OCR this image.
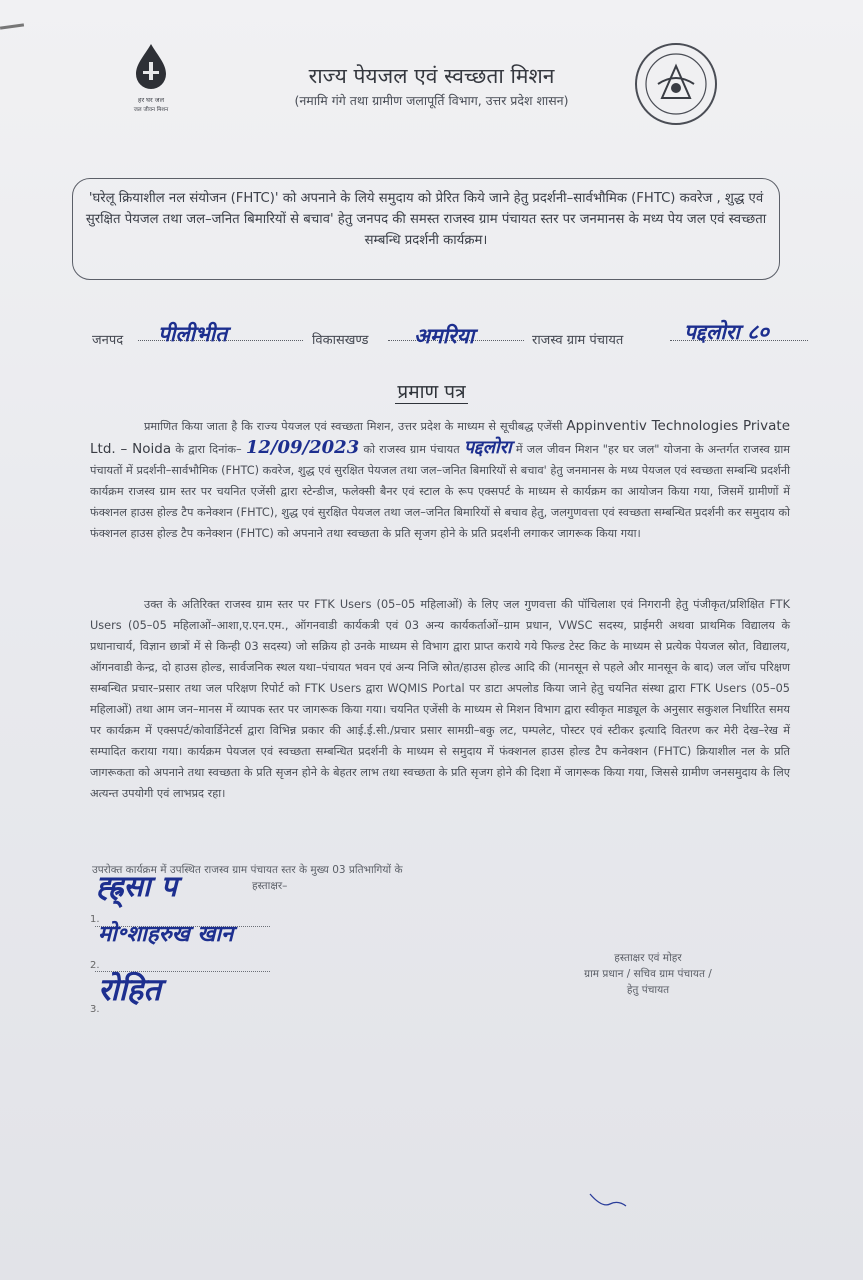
हर घर जल
जल जीवन मिशन
राज्य पेयजल एवं स्वच्छता मिशन
(नमामि गंगे तथा ग्रामीण जलापूर्ति विभाग, उत्तर प्रदेश शासन)
'घरेलू क्रियाशील नल संयोजन (FHTC)' को अपनाने के लिये समुदाय को प्रेरित किये जाने हेतु प्रदर्शनी–सार्वभौमिक (FHTC) कवरेज , शुद्ध एवं सुरक्षित पेयजल तथा जल–जनित बिमारियों से बचाव' हेतु जनपद की समस्त राजस्व ग्राम पंचायत स्तर पर जनमानस के मध्य पेय जल एवं स्वच्छता सम्बन्धि प्रदर्शनी कार्यक्रम।
जनपद पीलीभीत	विकासखण्ड अमरिया	राजस्व ग्राम पंचायत	पद्दलोरा ८०
प्रमाण पत्र

प्रमाणित किया जाता है कि राज्य पेयजल एवं स्वच्छता मिशन, उत्तर प्रदेश के माध्यम से सूचीबद्ध एजेंसी Appinventiv Technologies Private Ltd. – Noida के द्वारा दिनांक– 12/09/2023 को राजस्व ग्राम पंचायत पद्दलोरा में जल जीवन मिशन "हर घर जल" योजना के अन्तर्गत राजस्व ग्राम पंचायतों में प्रदर्शनी–सार्वभौमिक (FHTC) कवरेज, शुद्ध एवं सुरक्षित पेयजल तथा जल–जनित बिमारियों से बचाव' हेतु जनमानस के मध्य पेयजल एवं स्वच्छता सम्बन्धि प्रदर्शनी कार्यक्रम राजस्व ग्राम स्तर पर चयनित एजेंसी द्वारा स्टेन्डीज, फलेक्सी बैनर एवं स्टाल के रूप एक्सपर्ट के माध्यम से कार्यक्रम का आयोजन किया गया, जिसमें ग्रामीणों में फंक्शनल हाउस होल्ड टैप कनेक्शन (FHTC), शुद्ध एवं सुरक्षित पेयजल तथा जल–जनित बिमारियों से बचाव हेतु, जलगुणवत्ता एवं स्वच्छता सम्बन्धित प्रदर्शनी कर समुदाय को फंक्शनल हाउस होल्ड टैप कनेक्शन (FHTC) को अपनाने तथा स्वच्छता के प्रति सृजग होने के प्रति प्रदर्शनी लगाकर जागरूक किया गया।

उक्त के अतिरिक्त राजस्व ग्राम स्तर पर FTK Users (05–05 महिलाओं) के लिए जल गुणवत्ता की पॉचिलाश एवं निगरानी हेतु पंजीकृत/प्रशिक्षित FTK Users (05–05 महिलाओं–आशा,ए.एन.एम., ऑगनवाडी कार्यकत्री एवं 03 अन्य कार्यकर्ताओं–ग्राम प्रधान, VWSC सदस्य, प्राईमरी अथवा प्राथमिक विद्यालय के प्रधानाचार्य, विज्ञान छात्रों में से किन्ही 03 सदस्य) जो सक्रिय हो उनके माध्यम से विभाग द्वारा प्राप्त कराये गये फिल्ड टेस्ट किट के माध्यम से प्रत्येक पेयजल स्रोत, विद्यालय, ऑगनवाडी केन्द्र, दो हाउस होल्ड, सार्वजनिक स्थल यथा–पंचायत भवन एवं अन्य निजि स्रोत/हाउस होल्ड आदि की (मानसून से पहले और मानसून के बाद) जल जॉच परिक्षण सम्बन्धित प्रचार–प्रसार तथा जल परिक्षण रिपोर्ट को FTK Users द्वारा WQMIS Portal पर डाटा अपलोड किया जाने हेतु चयनित संस्था द्वारा FTK Users (05–05 महिलाओं) तथा आम जन–मानस में व्यापक स्तर पर जागरूक किया गया। चयनित एजेंसी के माध्यम से मिशन विभाग द्वारा स्वीकृत माड्यूल के अनुसार सकुशल निर्धारित समय पर कार्यक्रम में एक्सपर्ट/कोवार्डिनेटर्स द्वारा विभिन्न प्रकार की आई.ई.सी./प्रचार प्रसार सामग्री–बकु लट, पम्पलेट, पोस्टर एवं स्टीकर इत्यादि वितरण कर मेरी देख–रेख में सम्पादित कराया गया। कार्यक्रम पेयजल एवं स्वच्छता सम्बन्धित प्रदर्शनी के माध्यम से समुदाय में फंक्शनल हाउस होल्ड टैप कनेक्शन (FHTC) क्रियाशील नल के प्रति जागरूकता को अपनाने तथा स्वच्छता के प्रति सृजन होने के बेहतर लाभ तथा स्वच्छता के प्रति सृजग होने की दिशा में जागरूक किया गया, जिससे ग्रामीण जनसमुदाय के लिए अत्यन्त उपयोगी एवं लाभप्रद रहा।

उपरोक्त कार्यक्रम में उपस्थित राजस्व ग्राम पंचायत स्तर के मुख्य 03 प्रतिभागियों के
हस्ताक्षर–
ह्ह्र्सा प
1.
मो॰शाहरुख खान
2.
रोहित
3.
हस्ताक्षर एवं मोहर
ग्राम प्रधान / सचिव ग्राम पंचायत /
हेतु पंचायत
